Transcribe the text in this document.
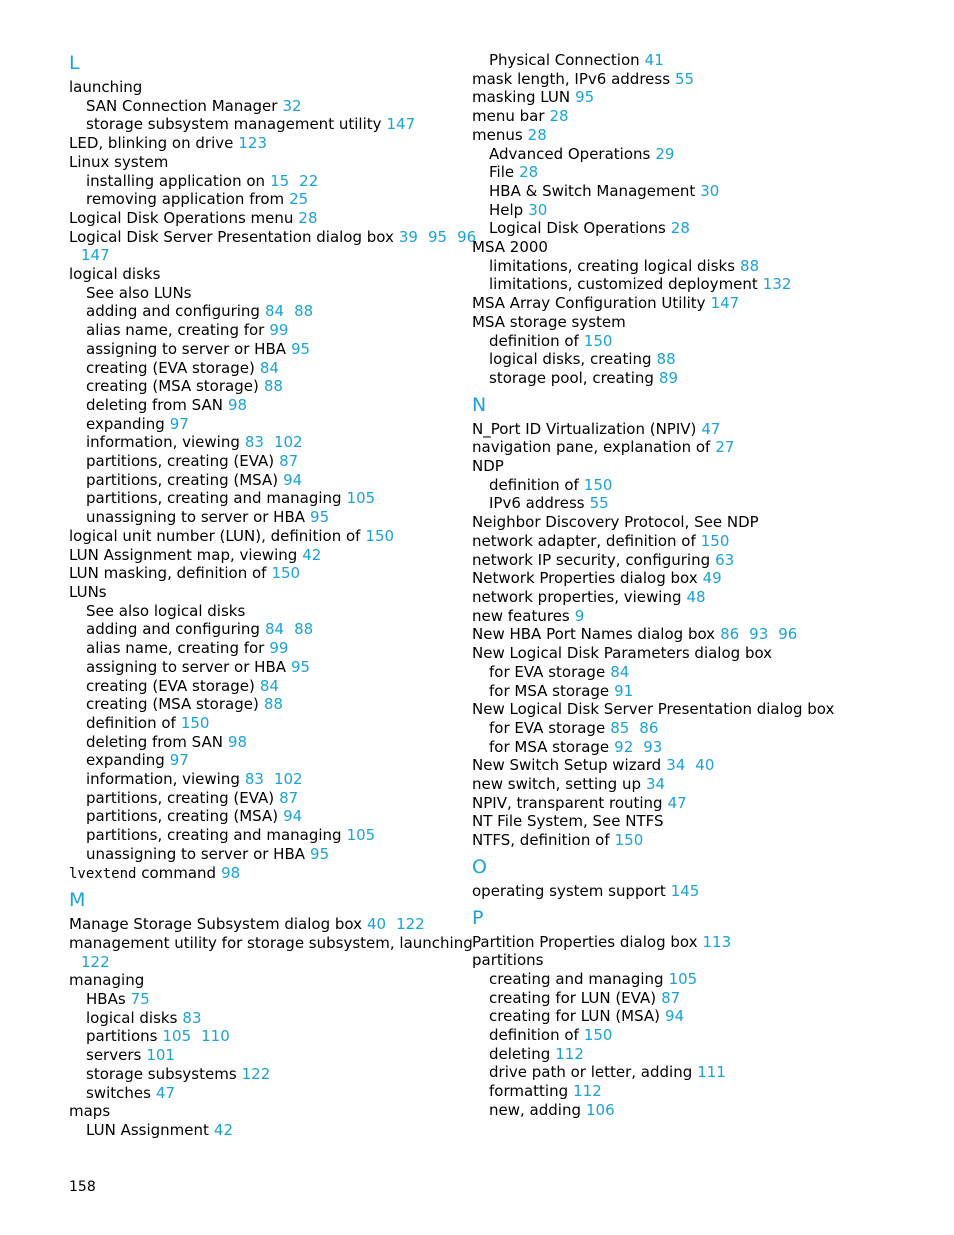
L
launching
SAN Connection Manager 32
storage subsystem management utility 147
LED, blinking on drive 123
Linux system
installing application on 15 22
removing application from 25
Logical Disk Operations menu 28
Logical Disk Server Presentation dialog box 39 95 96
147
logical disks
See also LUNs
adding and configuring 84 88
alias name, creating for 99
assigning to server or HBA 95
creating (EVA storage) 84
creating (MSA storage) 88
deleting from SAN 98
expanding 97
information, viewing 83 102
partitions, creating (EVA) 87
partitions, creating (MSA) 94
partitions, creating and managing 105
unassigning to server or HBA 95
logical unit number (LUN), definition of 150
LUN Assignment map, viewing 42
LUN masking, definition of 150
LUNs
See also logical disks
adding and configuring 84 88
alias name, creating for 99
assigning to server or HBA 95
creating (EVA storage) 84
creating (MSA storage) 88
definition of 150
deleting from SAN 98
expanding 97
information, viewing 83 102
partitions, creating (EVA) 87
partitions, creating (MSA) 94
partitions, creating and managing 105
unassigning to server or HBA 95
lvextend command 98
M
Manage Storage Subsystem dialog box 40 122
management utility for storage subsystem, launching
122
managing
HBAs 75
logical disks 83
partitions 105 110
servers 101
storage subsystems 122
switches 47
maps
LUN Assignment 42
Physical Connection 41
mask length, IPv6 address 55
masking LUN 95
menu bar 28
menus 28
Advanced Operations 29
File 28
HBA & Switch Management 30
Help 30
Logical Disk Operations 28
MSA 2000
limitations, creating logical disks 88
limitations, customized deployment 132
MSA Array Configuration Utility 147
MSA storage system
definition of 150
logical disks, creating 88
storage pool, creating 89
N
N_Port ID Virtualization (NPIV) 47
navigation pane, explanation of 27
NDP
definition of 150
IPv6 address 55
Neighbor Discovery Protocol, See NDP
network adapter, definition of 150
network IP security, configuring 63
Network Properties dialog box 49
network properties, viewing 48
new features 9
New HBA Port Names dialog box 86 93 96
New Logical Disk Parameters dialog box
for EVA storage 84
for MSA storage 91
New Logical Disk Server Presentation dialog box
for EVA storage 85 86
for MSA storage 92 93
New Switch Setup wizard 34 40
new switch, setting up 34
NPIV, transparent routing 47
NT File System, See NTFS
NTFS, definition of 150
O
operating system support 145
P
Partition Properties dialog box 113
partitions
creating and managing 105
creating for LUN (EVA) 87
creating for LUN (MSA) 94
definition of 150
deleting 112
drive path or letter, adding 111
formatting 112
new, adding 106
158
